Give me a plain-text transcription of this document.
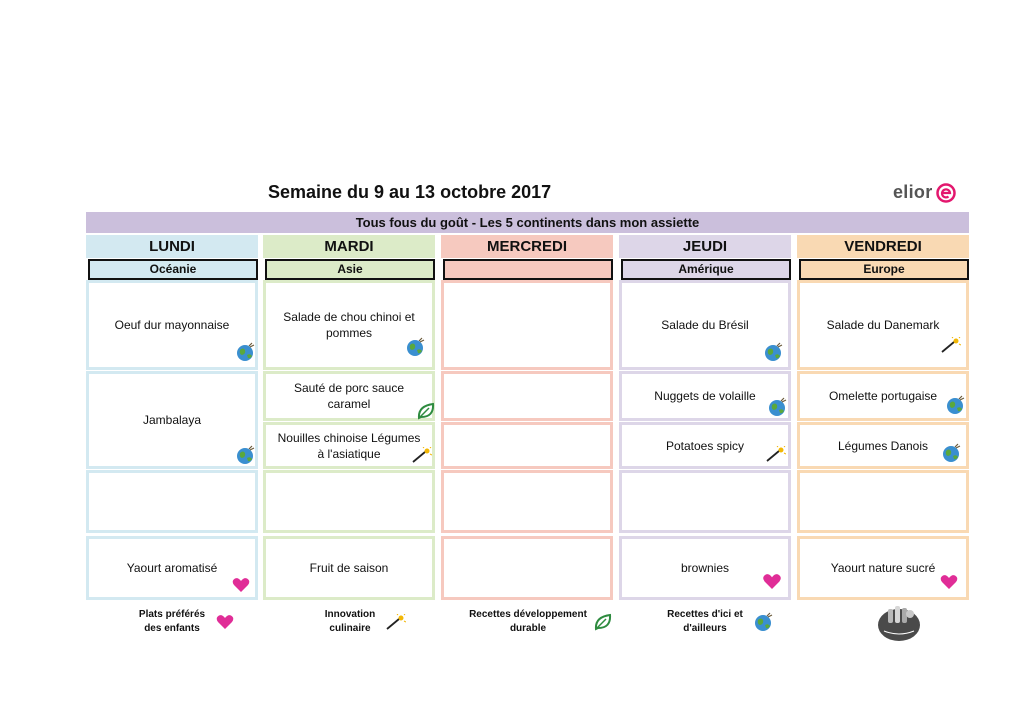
Semaine du 9 au 13 octobre 2017	elior
Tous fous du goût - Les 5 continents dans mon assiette
LUNDI
Océanie
Oeuf dur mayonnaise
Jambalaya
Yaourt aromatisé
MARDI
Asie
Salade de chou chinoi et pommes
Sauté de porc sauce caramel
Nouilles chinoise Légumes à l'asiatique
Fruit de saison
MERCREDI	JEUDI
Amérique
Salade du Brésil
Nuggets de volaille
Potatoes spicy
brownies
VENDREDI
Europe
Salade du Danemark
Omelette portugaise
Légumes Danois
Yaourt nature sucré
Plats préférés des enfants
Innovation culinaire
Recettes développement durable
Recettes d'ici et d'ailleurs
